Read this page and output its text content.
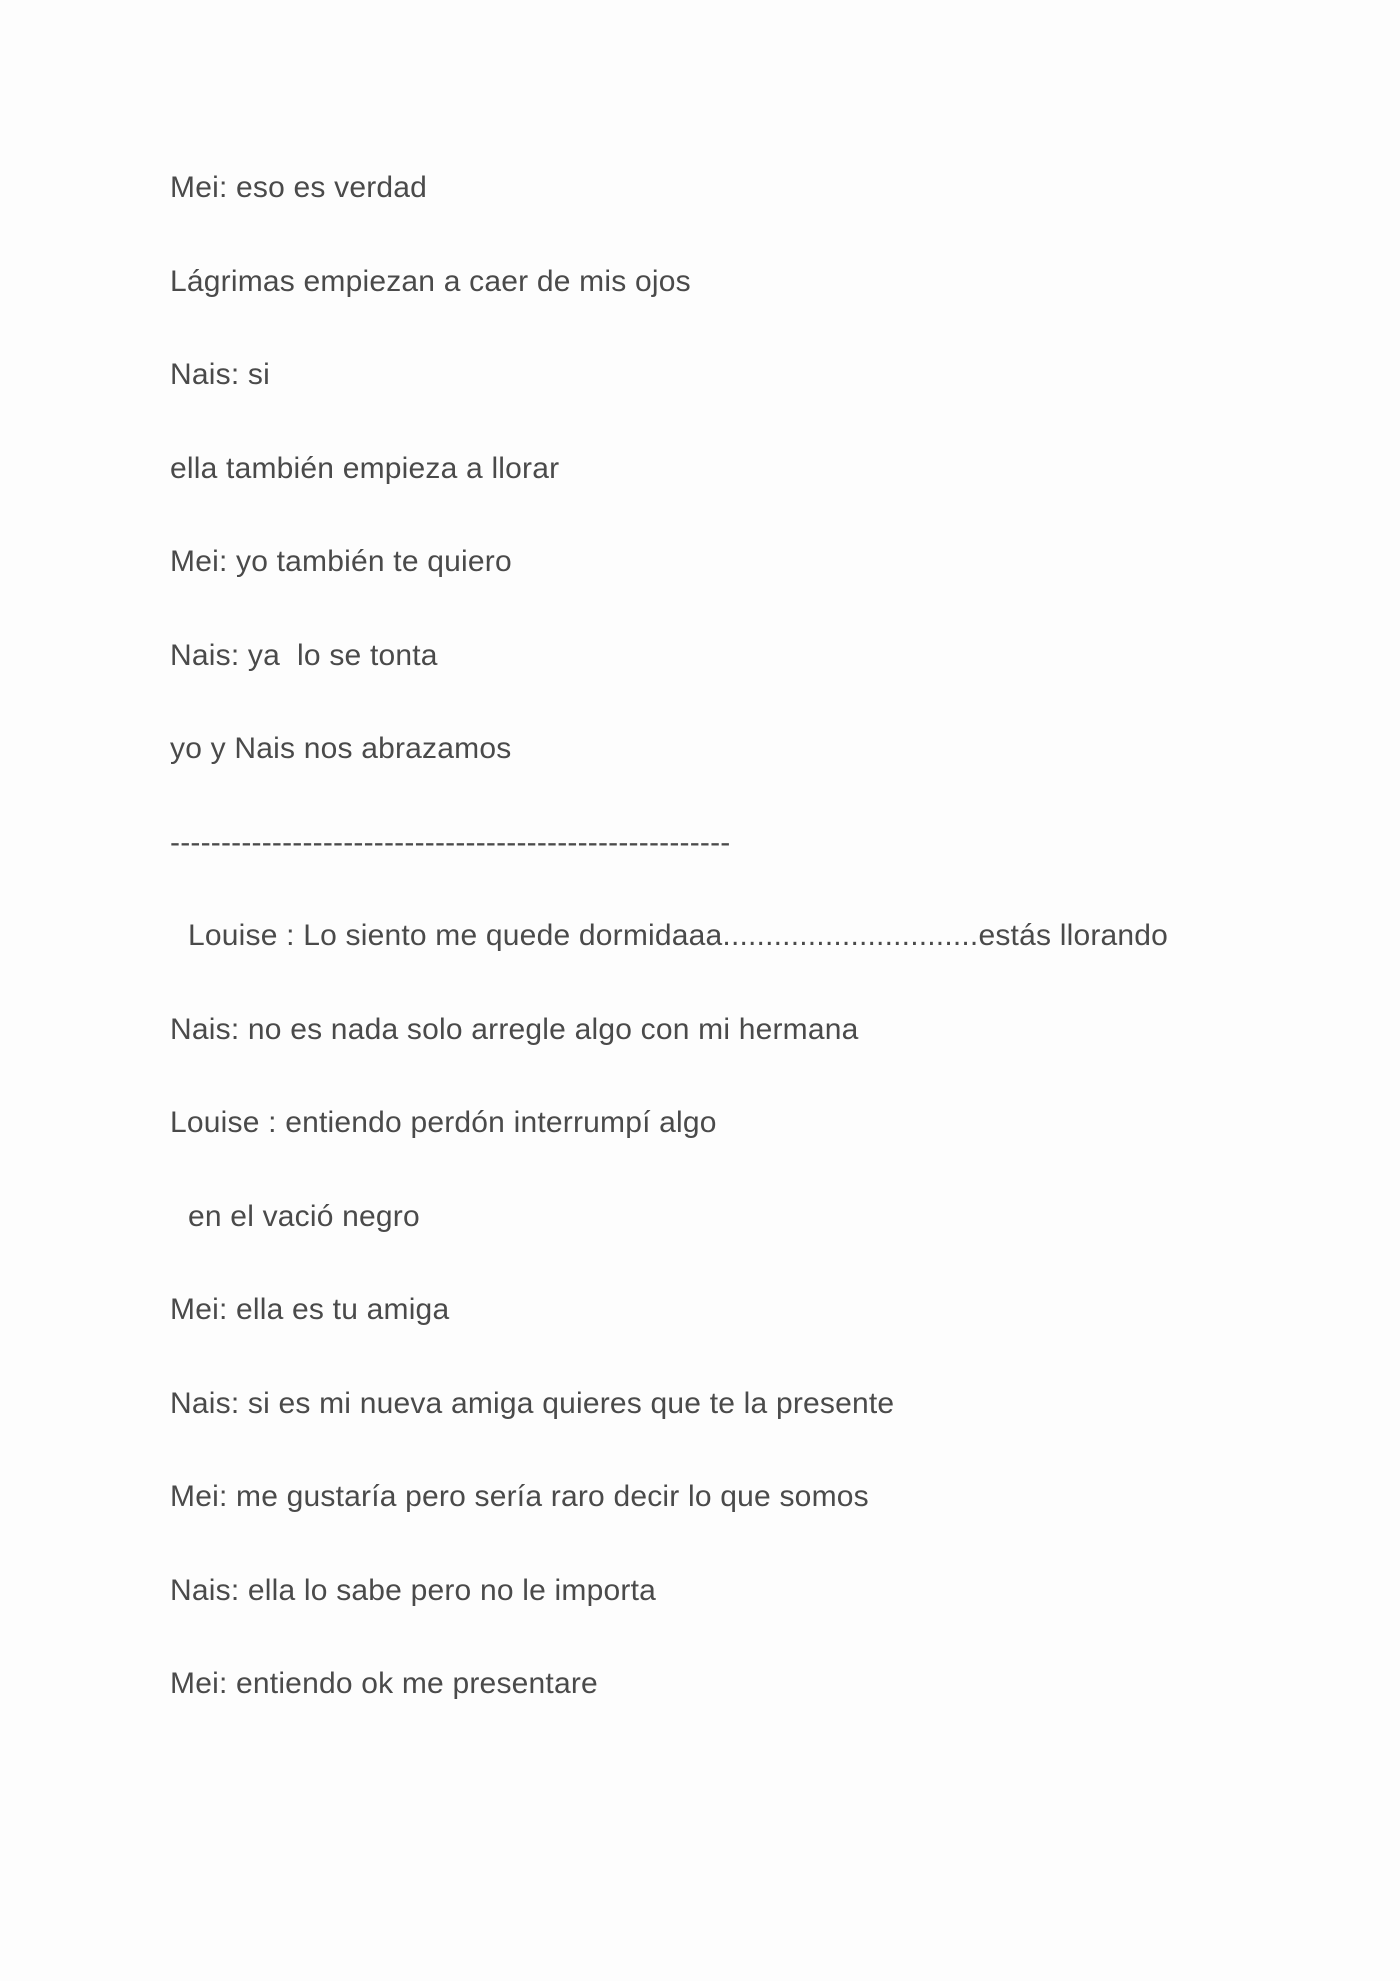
Mei: eso es verdad
Lágrimas empiezan a caer de mis ojos
Nais: si
ella también empieza a llorar
Mei: yo también te quiero
Nais: ya  lo se tonta
yo y Nais nos abrazamos
-------------------------------------------------------
Louise : Lo siento me quede dormidaaa..............................estás llorando
Nais: no es nada solo arregle algo con mi hermana
Louise : entiendo perdón interrumpí algo
en el vació negro
Mei: ella es tu amiga
Nais: si es mi nueva amiga quieres que te la presente
Mei: me gustaría pero sería raro decir lo que somos
Nais: ella lo sabe pero no le importa
Mei: entiendo ok me presentare
